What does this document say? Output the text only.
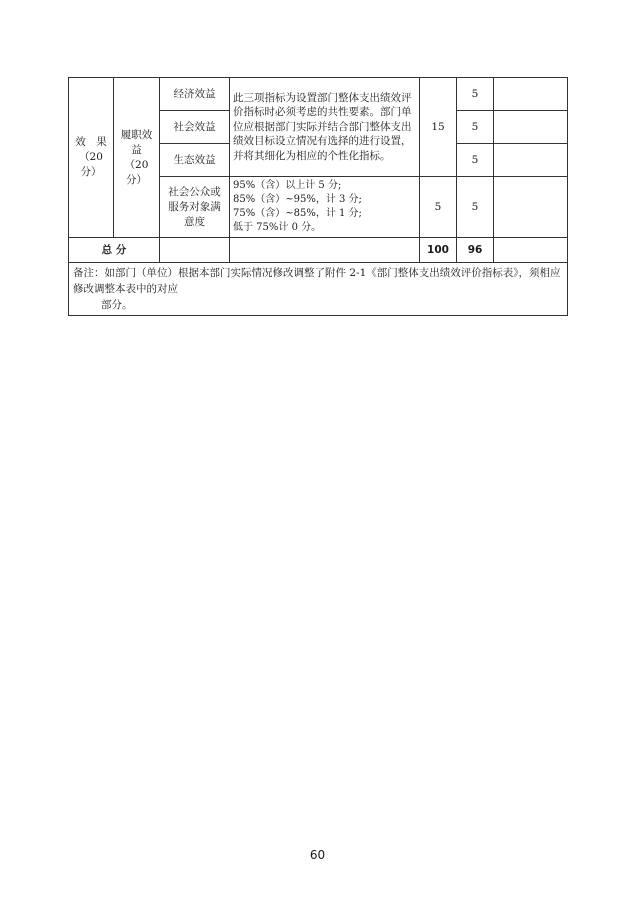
效　果
（20
分）	履职效
益
（20
分）	经济效益	此三项指标为设置部门整体支出绩效评价指标时必须考虑的共性要素。部门单位应根据部门实际并结合部门整体支出绩效目标设立情况有选择的进行设置，并将其细化为相应的个性化指标。	15	5	
		社会效益			5	
		生态效益			5	
		社会公众或
服务对象满
意度	95%（含）以上计 5 分;
85%（含）~95%，计 3 分;
75%（含）~85%，计 1 分;
低于 75%计 0 分。	5	5	
总 分				100	96	
备注：如部门（单位）根据本部门实际情况修改调整了附件 2-1《部门整体支出绩效评价指标表》，须相应修改调整本表中的对应
部分。						
60
